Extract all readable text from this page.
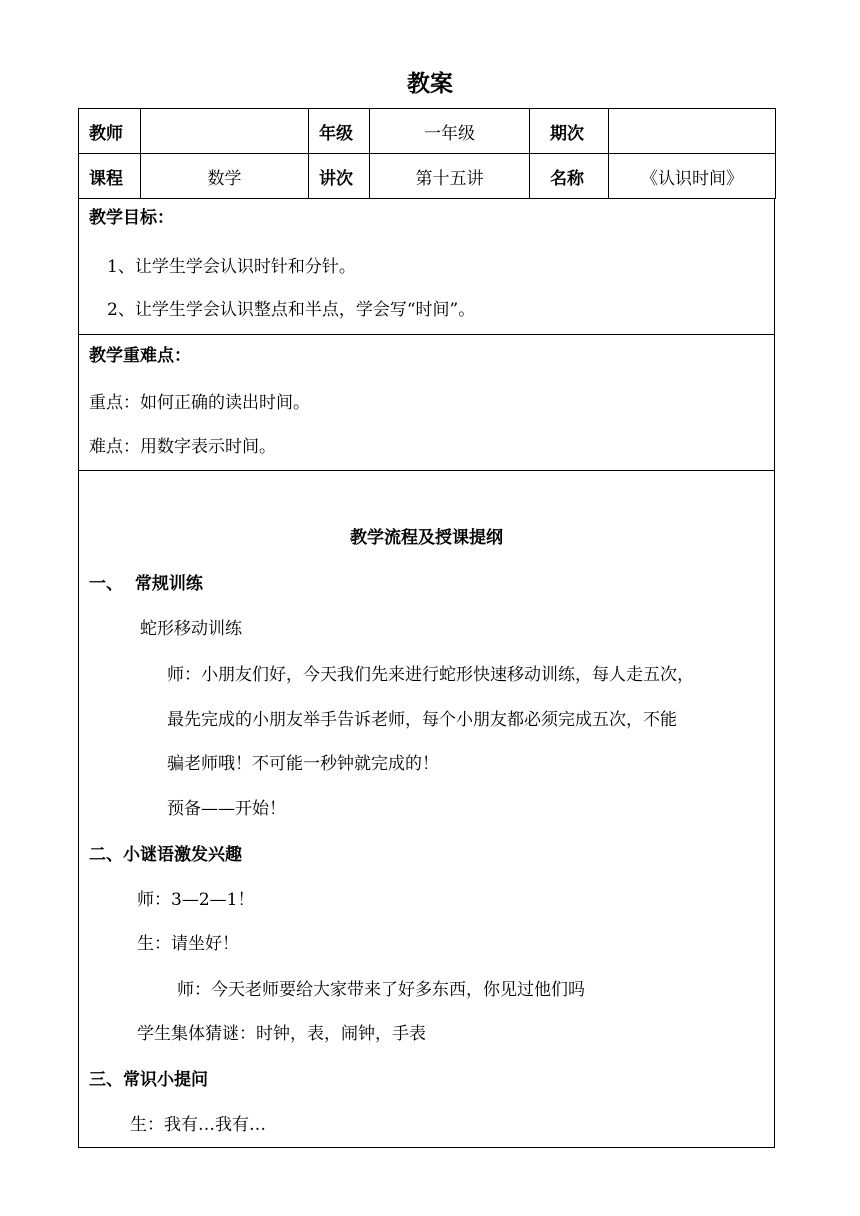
教案
教师		年级	一年级	期次	
课程	数学	讲次	第十五讲	名称	《认识时间》
教学目标：
1、让学生学会认识时针和分针。
2、让学生学会认识整点和半点，学会写“时间”。
教学重难点：
重点：如何正确的读出时间。
难点：用数字表示时间。
教学流程及授课提纲
一、  常规训练
蛇形移动训练
师：小朋友们好，今天我们先来进行蛇形快速移动训练，每人走五次，
最先完成的小朋友举手告诉老师，每个小朋友都必须完成五次，不能
骗老师哦！不可能一秒钟就完成的！
预备——开始！
二、小谜语激发兴趣
师：3—2—1！
生：请坐好！
师：今天老师要给大家带来了好多东西，你见过他们吗
学生集体猜谜：时钟，表，闹钟，手表
三、常识小提问
生：我有…我有…
